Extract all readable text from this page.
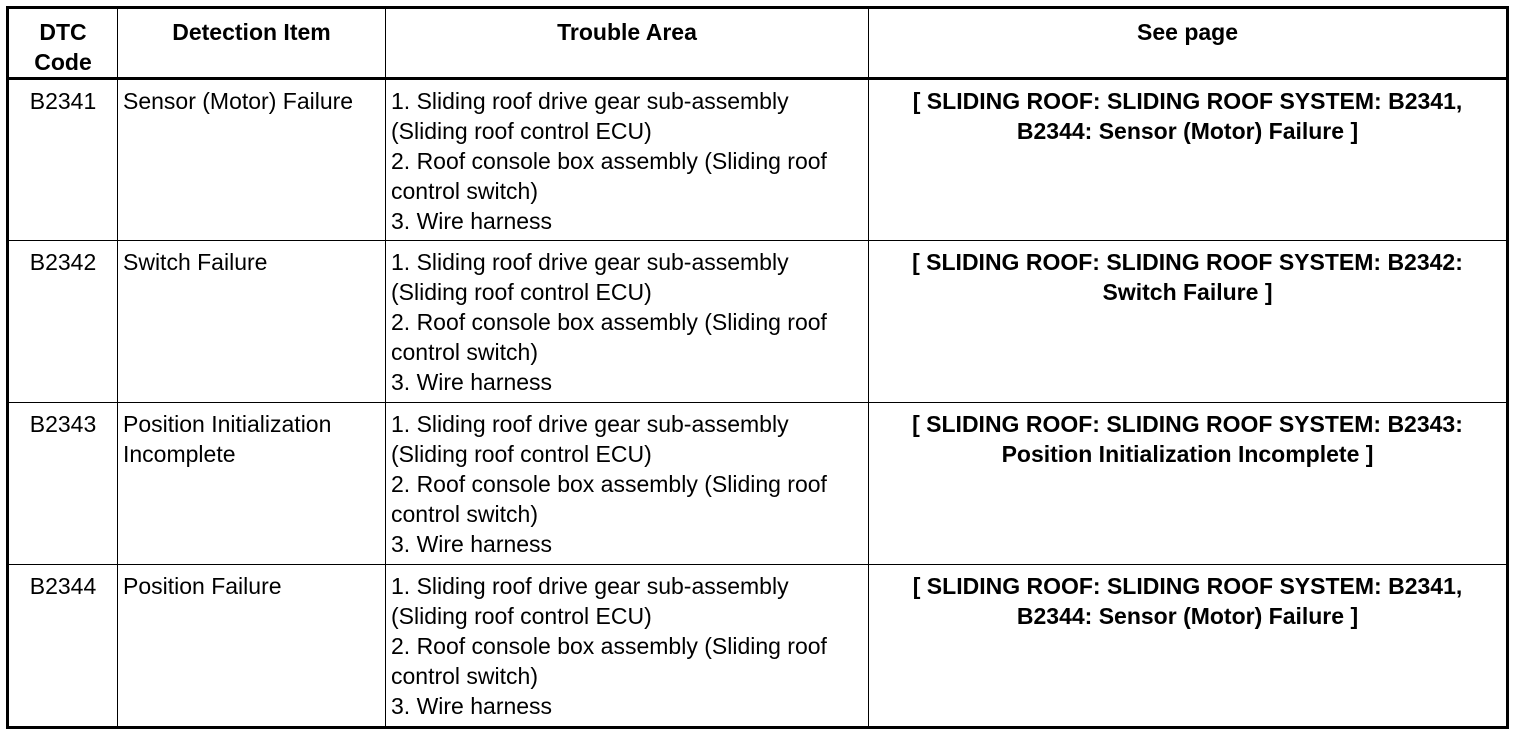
DTC Code	Detection Item	Trouble Area	See page
B2341	Sensor (Motor) Failure	1. Sliding roof drive gear sub-assembly (Sliding roof control ECU)
2. Roof console box assembly (Sliding roof control switch)
3. Wire harness	[ SLIDING ROOF: SLIDING ROOF SYSTEM: B2341, B2344: Sensor (Motor) Failure ]
B2342	Switch Failure	1. Sliding roof drive gear sub-assembly (Sliding roof control ECU)
2. Roof console box assembly (Sliding roof control switch)
3. Wire harness	[ SLIDING ROOF: SLIDING ROOF SYSTEM: B2342: Switch Failure ]
B2343	Position Initialization Incomplete	1. Sliding roof drive gear sub-assembly (Sliding roof control ECU)
2. Roof console box assembly (Sliding roof control switch)
3. Wire harness	[ SLIDING ROOF: SLIDING ROOF SYSTEM: B2343: Position Initialization Incomplete ]
B2344	Position Failure	1. Sliding roof drive gear sub-assembly (Sliding roof control ECU)
2. Roof console box assembly (Sliding roof control switch)
3. Wire harness	[ SLIDING ROOF: SLIDING ROOF SYSTEM: B2341, B2344: Sensor (Motor) Failure ]
